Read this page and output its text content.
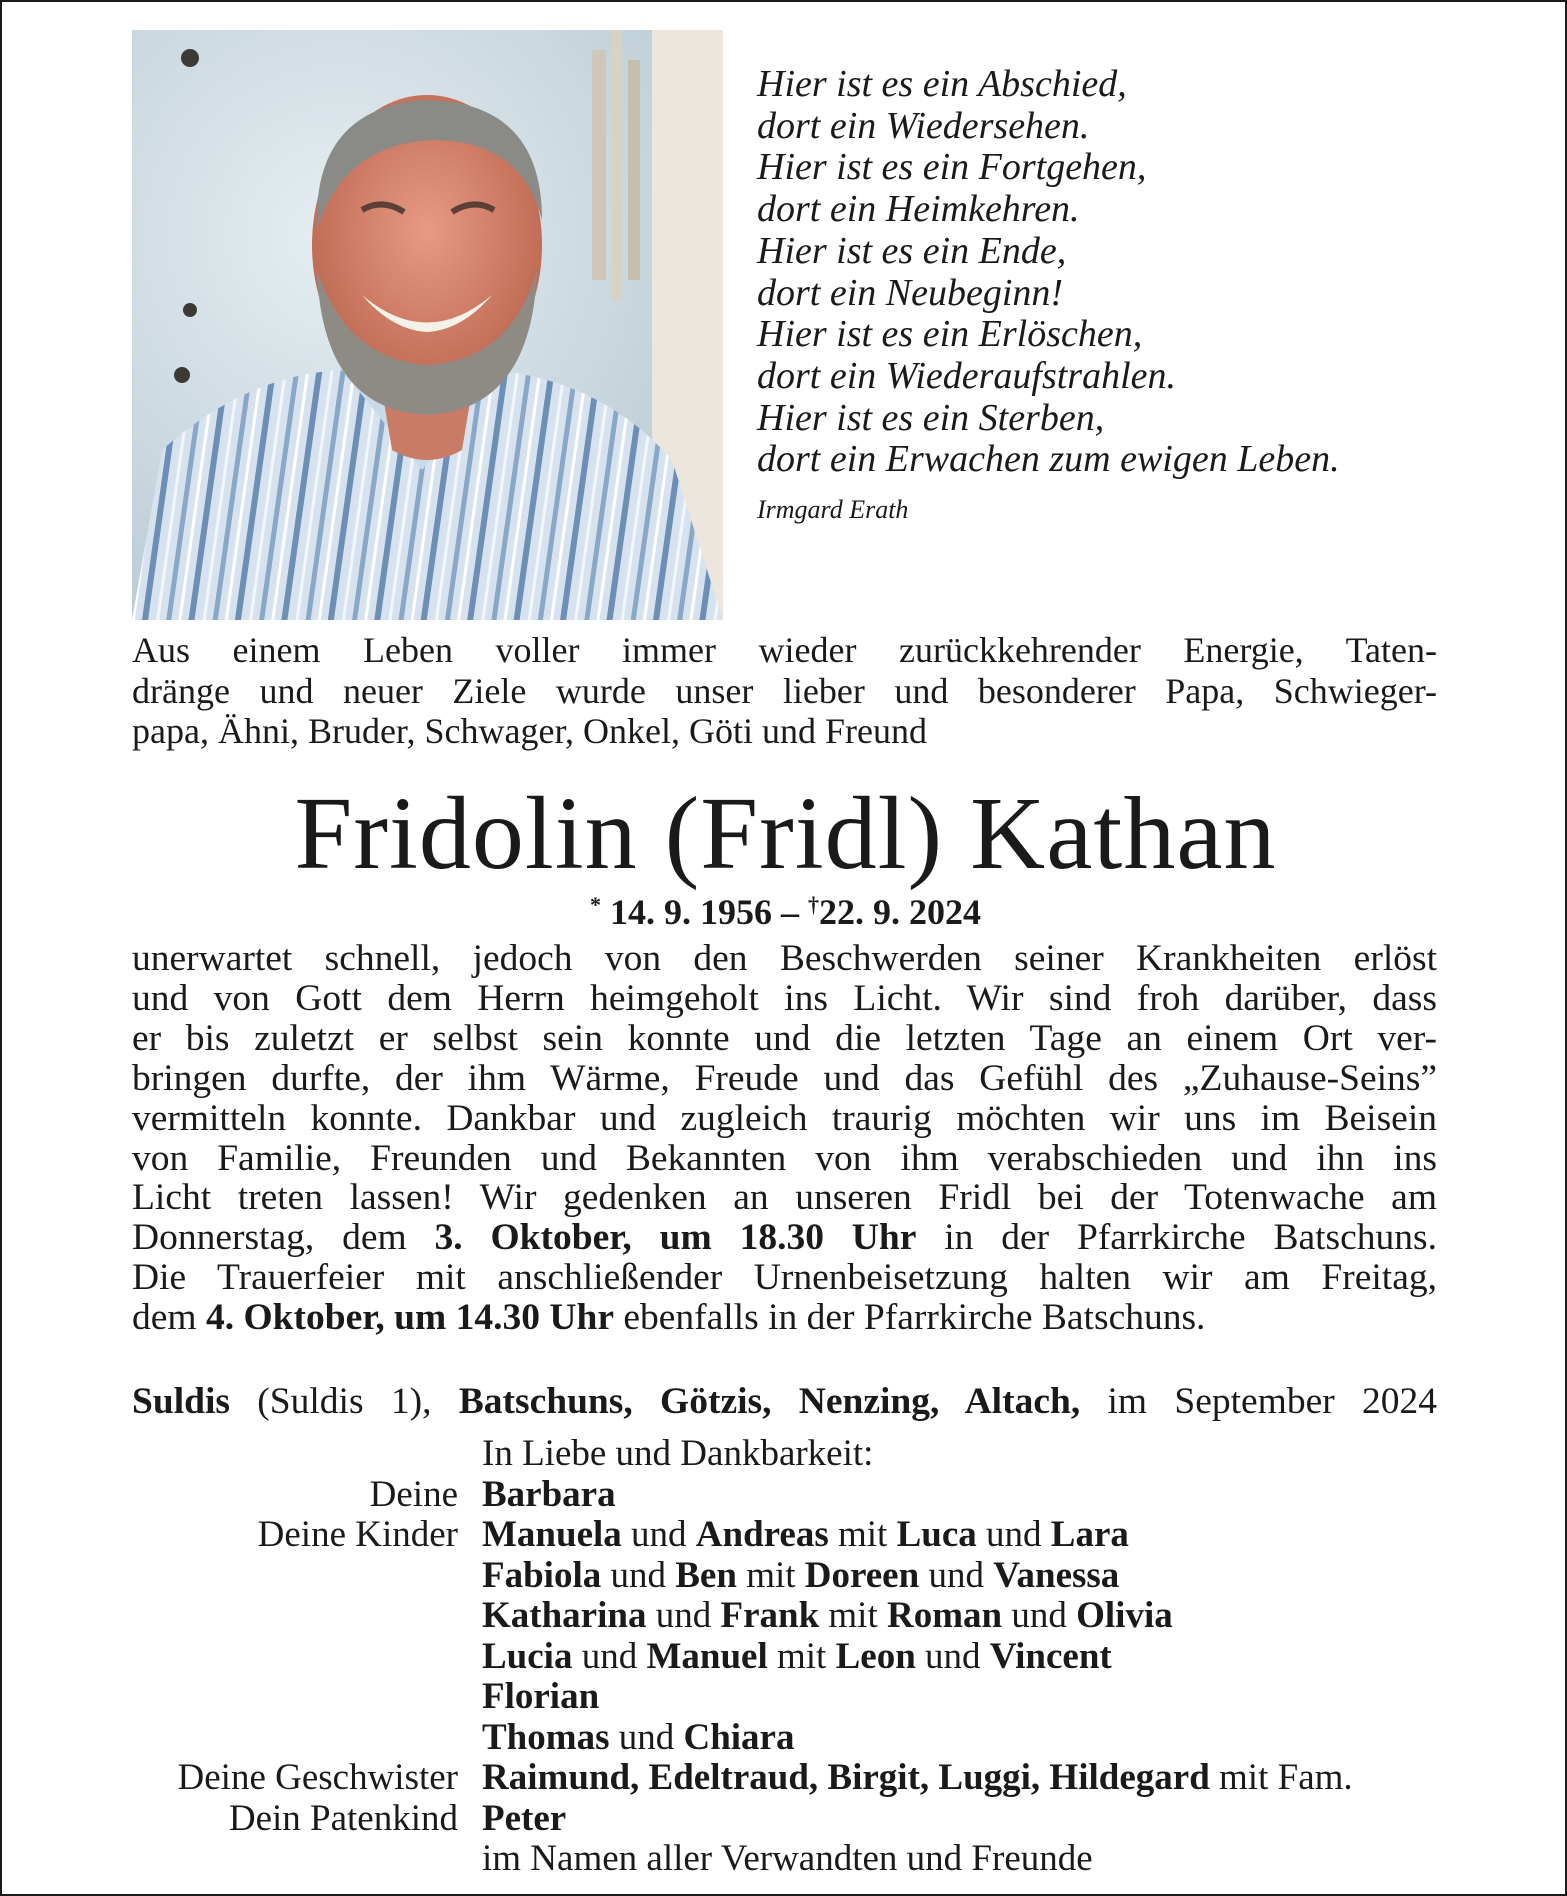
Hier ist es ein Abschied,
dort ein Wiedersehen.
Hier ist es ein Fortgehen,
dort ein Heimkehren.
Hier ist es ein Ende,
dort ein Neubeginn!
Hier ist es ein Erlöschen,
dort ein Wiederaufstrahlen.
Hier ist es ein Sterben,
dort ein Erwachen zum ewigen Leben.
Irmgard Erath
Aus einem Leben voller immer wieder zurückkehrender Energie, Taten-
dränge und neuer Ziele wurde unser lieber und besonderer Papa, Schwieger-
papa, Ähni, Bruder, Schwager, Onkel, Göti und Freund
Fridolin (Fridl) Kathan
* 14. 9. 1956 – †22. 9. 2024
unerwartet schnell, jedoch von den Beschwerden seiner Krankheiten erlöst
und von Gott dem Herrn heimgeholt ins Licht. Wir sind froh darüber, dass
er bis zuletzt er selbst sein konnte und die letzten Tage an einem Ort ver-
bringen durfte, der ihm Wärme, Freude und das Gefühl des „Zuhause-Seins”
vermitteln konnte. Dankbar und zugleich traurig möchten wir uns im Beisein
von Familie, Freunden und Bekannten von ihm verabschieden und ihn ins
Licht treten lassen! Wir gedenken an unseren Fridl bei der Totenwache am
Donnerstag, dem 3. Oktober, um 18.30 Uhr in der Pfarrkirche Batschuns.
Die Trauerfeier mit anschließender Urnenbeisetzung halten wir am Freitag,
dem 4. Oktober, um 14.30 Uhr ebenfalls in der Pfarrkirche Batschuns.
Suldis (Suldis 1), Batschuns, Götzis, Nenzing, Altach, im September 2024
In Liebe und Dankbarkeit:
Deine Barbara
Deine Kinder Manuela und Andreas mit Luca und Lara
Fabiola und Ben mit Doreen und Vanessa
Katharina und Frank mit Roman und Olivia
Lucia und Manuel mit Leon und Vincent
Florian
Thomas und Chiara
Deine Geschwister Raimund, Edeltraud, Birgit, Luggi, Hildegard mit Fam.
Dein Patenkind Peter
im Namen aller Verwandten und Freunde
